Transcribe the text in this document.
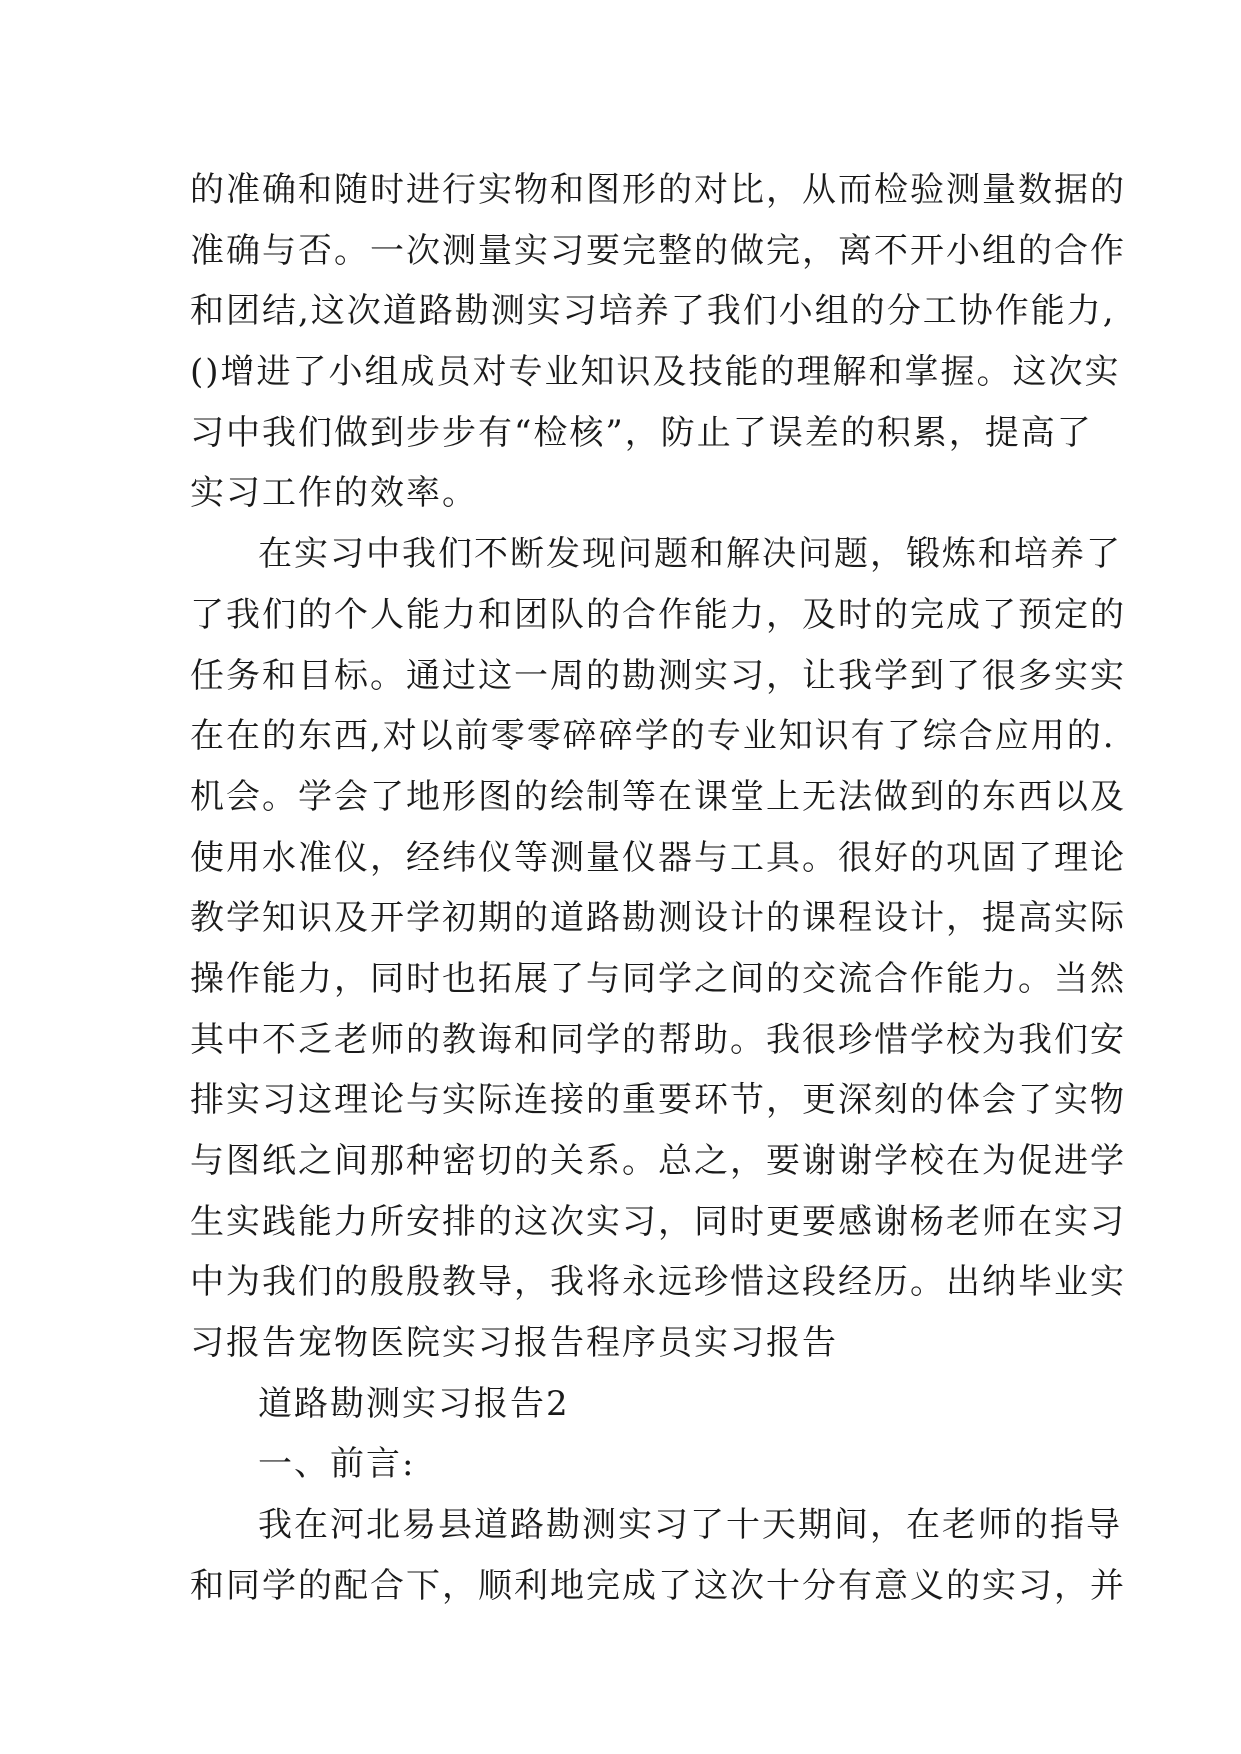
的准确和随时进行实物和图形的对比，从而检验测量数据的
准确与否。一次测量实习要完整的做完，离不开小组的合作
和团结,这次道路勘测实习培养了我们小组的分工协作能力,
()增进了小组成员对专业知识及技能的理解和掌握。这次实
习中我们做到步步有“检核”，防止了误差的积累，提高了
实习工作的效率。
在实习中我们不断发现问题和解决问题，锻炼和培养了
了我们的个人能力和团队的合作能力，及时的完成了预定的
任务和目标。通过这一周的勘测实习，让我学到了很多实实
在在的东西,对以前零零碎碎学的专业知识有了综合应用的.
机会。学会了地形图的绘制等在课堂上无法做到的东西以及
使用水准仪，经纬仪等测量仪器与工具。很好的巩固了理论
教学知识及开学初期的道路勘测设计的课程设计，提高实际
操作能力，同时也拓展了与同学之间的交流合作能力。当然
其中不乏老师的教诲和同学的帮助。我很珍惜学校为我们安
排实习这理论与实际连接的重要环节，更深刻的体会了实物
与图纸之间那种密切的关系。总之，要谢谢学校在为促进学
生实践能力所安排的这次实习，同时更要感谢杨老师在实习
中为我们的殷殷教导，我将永远珍惜这段经历。出纳毕业实
习报告宠物医院实习报告程序员实习报告
道路勘测实习报告2
一、前言:
我在河北易县道路勘测实习了十天期间，在老师的指导
和同学的配合下，顺利地完成了这次十分有意义的实习，并
